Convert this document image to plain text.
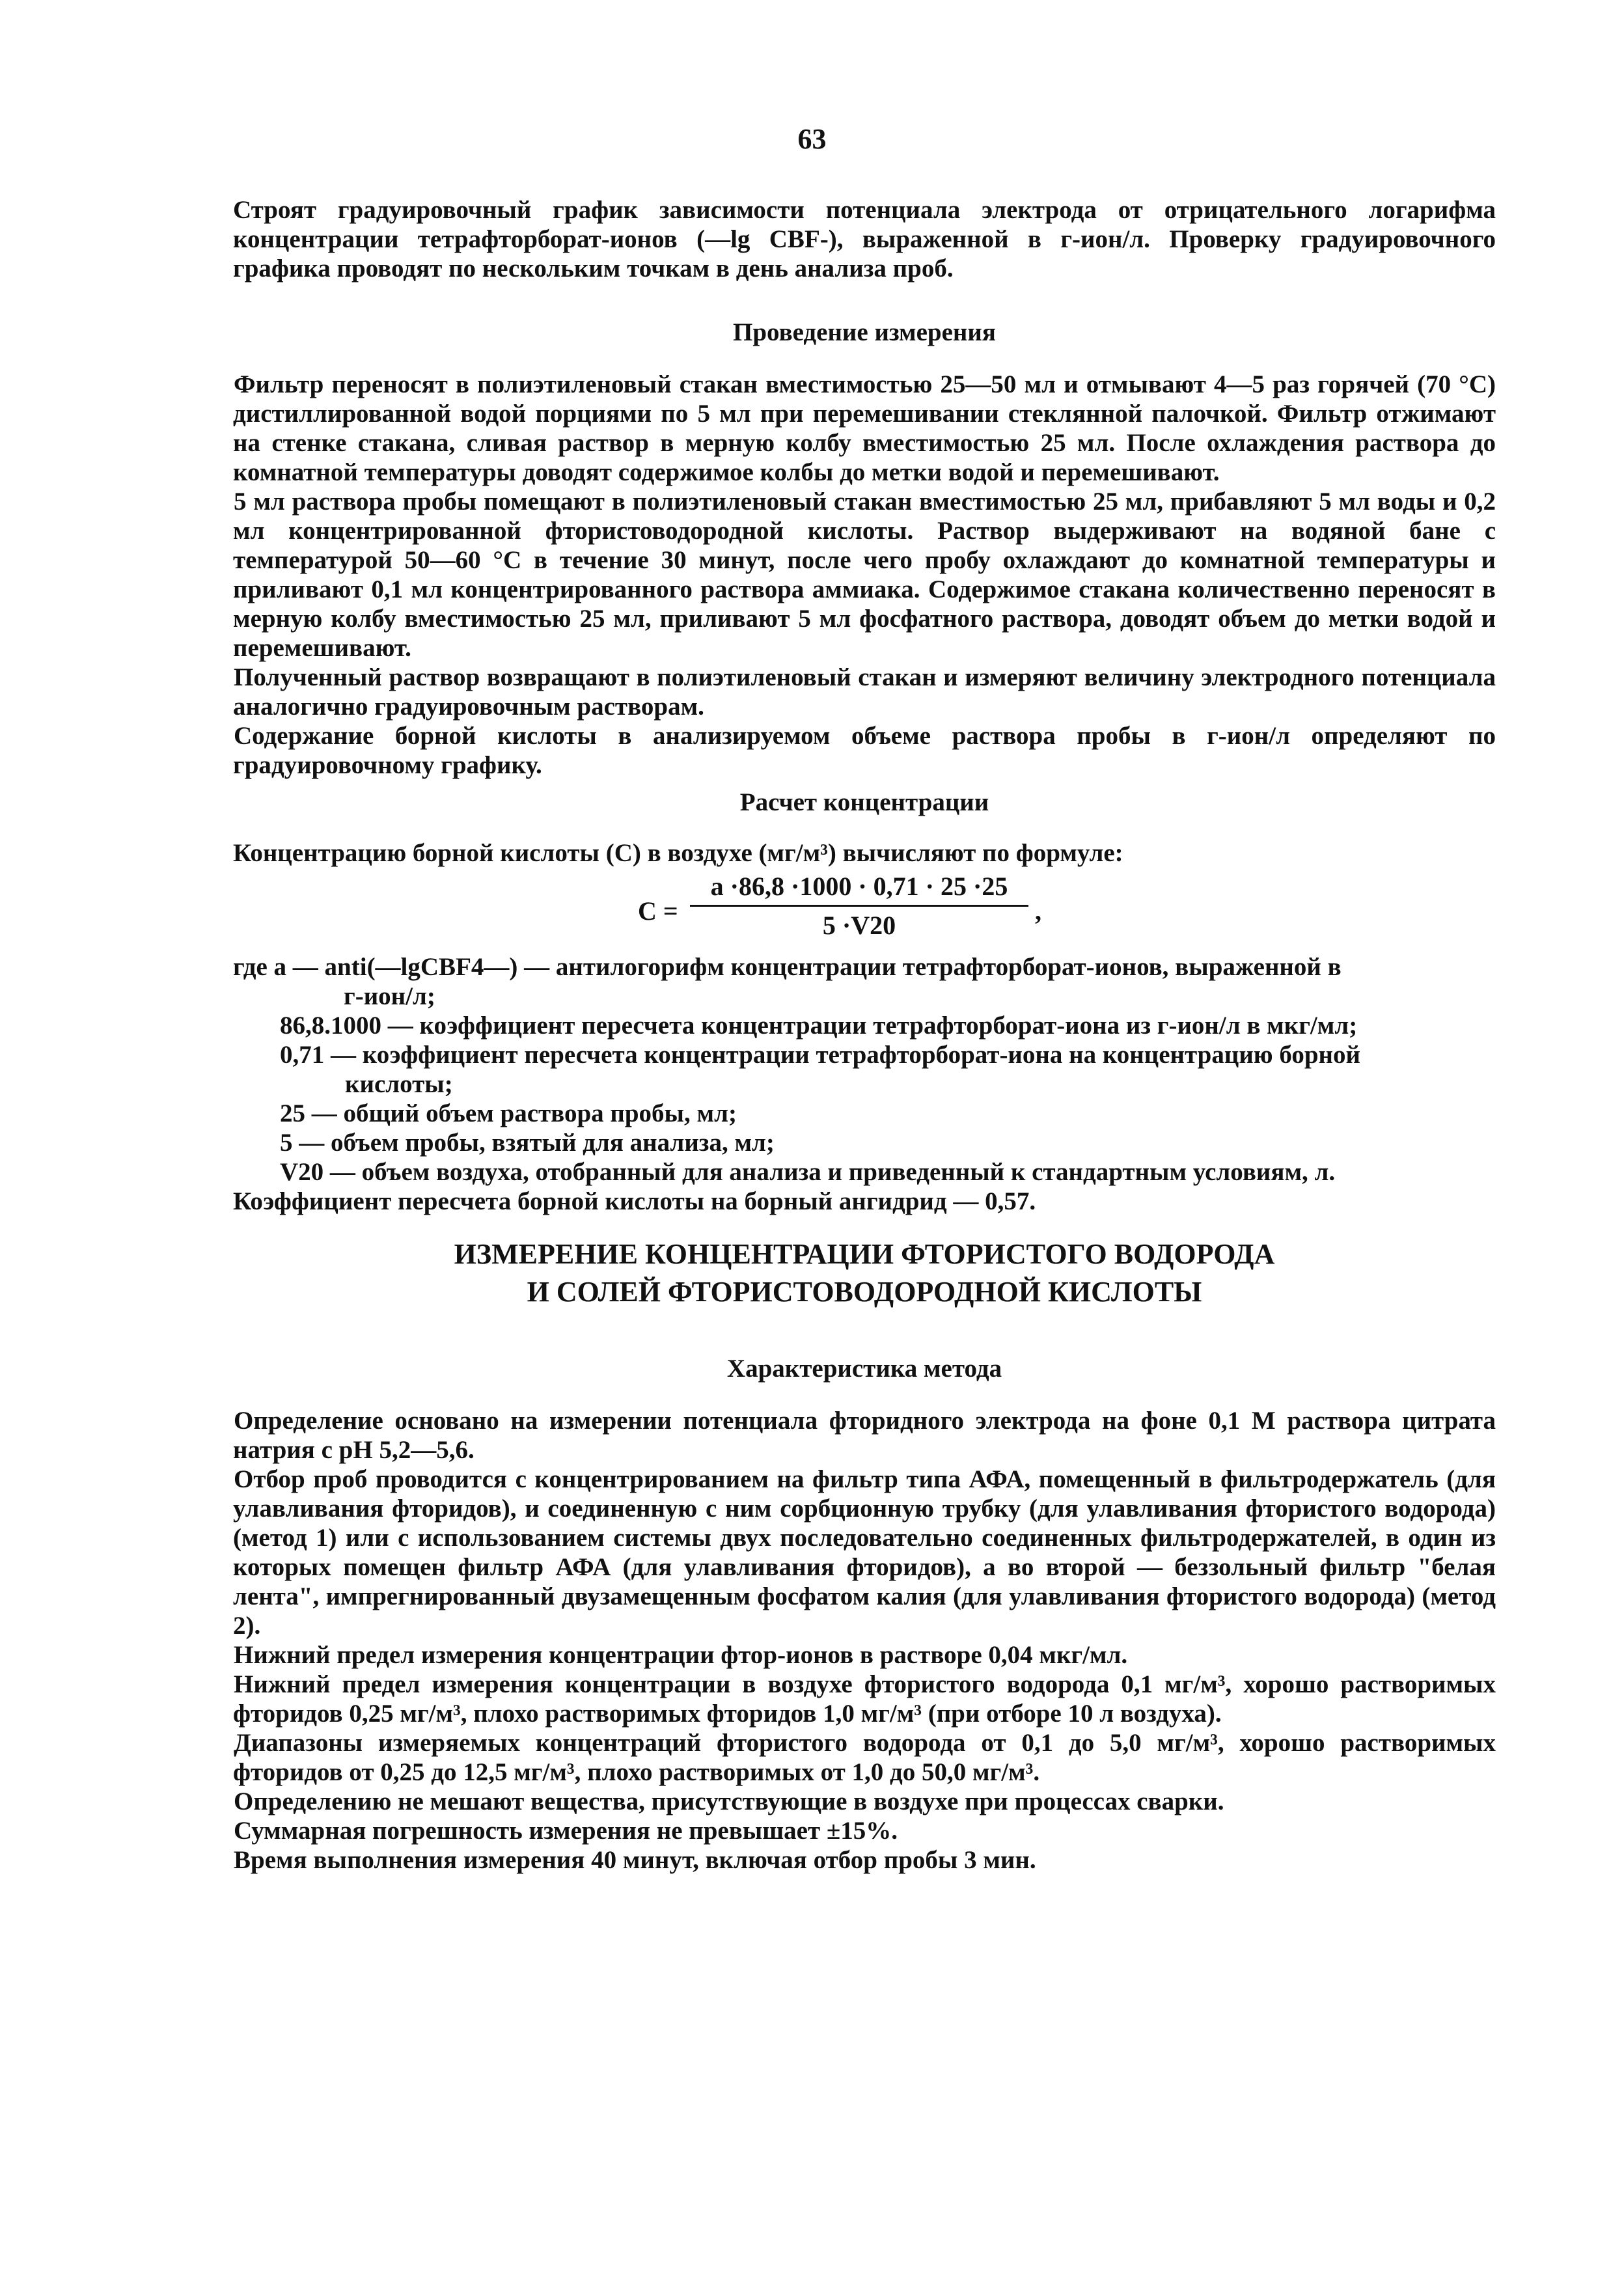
63

Строят градуировочный график зависимости потенциала электрода от отрицательного логарифма концентрации тетрафторборат-ионов (—lg CBF-), выраженной в г-ион/л. Проверку градуировочного графика проводят по нескольким точкам в день анализа проб.

Проведение измерения

Фильтр переносят в полиэтиленовый стакан вместимостью 25—50 мл и отмывают 4—5 раз горячей (70 °С) дистиллированной водой порциями по 5 мл при перемешивании стеклянной палочкой. Фильтр отжимают на стенке стакана, сливая раствор в мерную колбу вместимостью 25 мл. После охлаждения раствора до комнатной температуры доводят содержимое колбы до метки водой и перемешивают.

5 мл раствора пробы помещают в полиэтиленовый стакан вместимостью 25 мл, прибавляют 5 мл воды и 0,2 мл концентрированной фтористоводородной кислоты. Раствор выдерживают на водяной бане с температурой 50—60 °С в течение 30 минут, после чего пробу охлаждают до комнатной температуры и приливают 0,1 мл концентрированного раствора аммиака. Содержимое стакана количественно переносят в мерную колбу вместимостью 25 мл, приливают 5 мл фосфатного раствора, доводят объем до метки водой и перемешивают.

Полученный раствор возвращают в полиэтиленовый стакан и измеряют величину электродного потенциала аналогично градуировочным растворам.

Содержание борной кислоты в анализируемом объеме раствора пробы в г-ион/л определяют по градуировочному графику.

Расчет концентрации

Концентрацию борной кислоты (С) в воздухе (мг/м³) вычисляют по формуле:

С =
a ·86,8 ·1000 · 0,71 · 25 ·25
5 ·V20	,
где a — anti(—lgCBF4—) — антилогорифм концентрации тетрафторборат-ионов, выраженной в
г-ион/л;
86,8.1000 — коэффициент пересчета концентрации тетрафторборат-иона из г-ион/л в мкг/мл;
0,71 — коэффициент пересчета концентрации тетрафторборат-иона на концентрацию борной
кислоты;
25 — общий объем раствора пробы, мл;
5 — объем пробы, взятый для анализа, мл;
V20 — объем воздуха, отобранный для анализа и приведенный к стандартным условиям, л.
Коэффициент пересчета борной кислоты на борный ангидрид — 0,57.

ИЗМЕРЕНИЕ КОНЦЕНТРАЦИИ ФТОРИСТОГО ВОДОРОДА

И СОЛЕЙ ФТОРИСТОВОДОРОДНОЙ КИСЛОТЫ

Характеристика метода

Определение основано на измерении потенциала фторидного электрода на фоне 0,1 М раствора цитрата натрия с рН 5,2—5,6.

Отбор проб проводится с концентрированием на фильтр типа АФА, помещенный в фильтродержатель (для улавливания фторидов), и соединенную с ним сорбционную трубку (для улавливания фтористого водорода) (метод 1) или с использованием системы двух последовательно соединенных фильтродержателей, в один из которых помещен фильтр АФА (для улавливания фторидов), а во второй — беззольный фильтр "белая лента", импрегнированный двузамещенным фосфатом калия (для улавливания фтористого водорода) (метод 2).

Нижний предел измерения концентрации фтор-ионов в растворе 0,04 мкг/мл.

Нижний предел измерения концентрации в воздухе фтористого водорода 0,1 мг/м³, хорошо растворимых фторидов 0,25 мг/м³, плохо растворимых фторидов 1,0 мг/м³ (при отборе 10 л воздуха).

Диапазоны измеряемых концентраций фтористого водорода от 0,1 до 5,0 мг/м³, хорошо растворимых фторидов от 0,25 до 12,5 мг/м³, плохо растворимых от 1,0 до 50,0 мг/м³.

Определению не мешают вещества, присутствующие в воздухе при процессах сварки.

Суммарная погрешность измерения не превышает ±15%.

Время выполнения измерения 40 минут, включая отбор пробы 3 мин.
